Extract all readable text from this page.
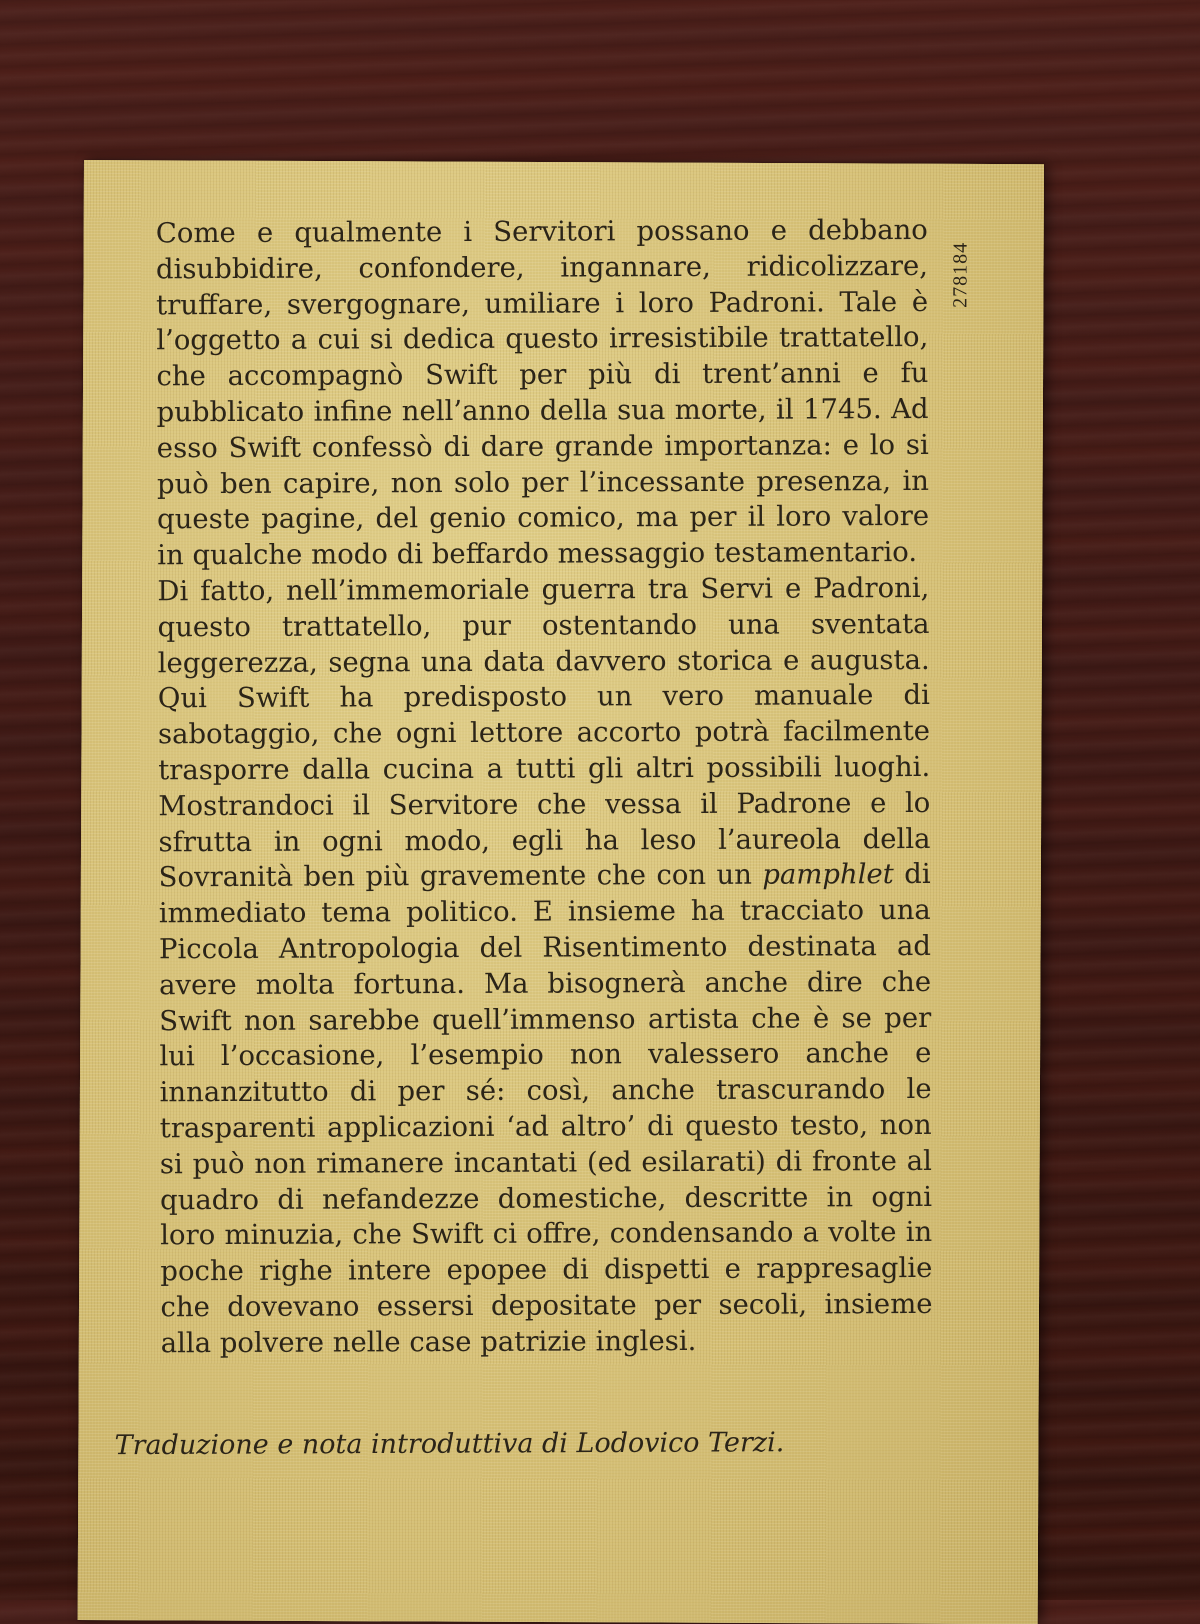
278184

Come e qualmente i Servitori possano e debbano disubbidire, confondere, ingannare, ridicolizzare, truffare, svergognare, umiliare i loro Padroni. Tale è l’oggetto a cui si dedica questo irresistibile trattatello, che accompagnò Swift per più di trent’anni e fu pubblicato infine nell’anno della sua morte, il 1745. Ad esso Swift confessò di dare grande importanza: e lo si può ben capire, non solo per l’incessante presenza, in queste pagine, del genio comico, ma per il loro valore in qualche modo di beffardo messaggio testamentario.

Di fatto, nell’immemoriale guerra tra Servi e Padroni, questo trattatello, pur ostentando una sventata leggerezza, segna una data davvero storica e augusta. Qui Swift ha predisposto un vero manuale di sabotaggio, che ogni lettore accorto potrà facilmente trasporre dalla cucina a tutti gli altri possibili luoghi. Mostrandoci il Servitore che vessa il Padrone e lo sfrutta in ogni modo, egli ha leso l’aureola della Sovranità ben più gravemente che con un pamphlet di immediato tema politico. E insieme ha tracciato una Piccola Antropologia del Risentimento destinata ad avere molta fortuna. Ma bisognerà anche dire che Swift non sarebbe quell’immenso artista che è se per lui l’occasione, l’esempio non valessero anche e innanzitutto di per sé: così, anche trascurando le trasparenti applicazioni ‘ad altro’ di questo testo, non si può non rimanere incantati (ed esilarati) di fronte al quadro di nefandezze domestiche, descritte in ogni loro minuzia, che Swift ci offre, condensando a volte in poche righe intere epopee di dispetti e rappresaglie che dovevano essersi depositate per secoli, insieme alla polvere nelle case patrizie inglesi.

Traduzione e nota introduttiva di Lodovico Terzi.
